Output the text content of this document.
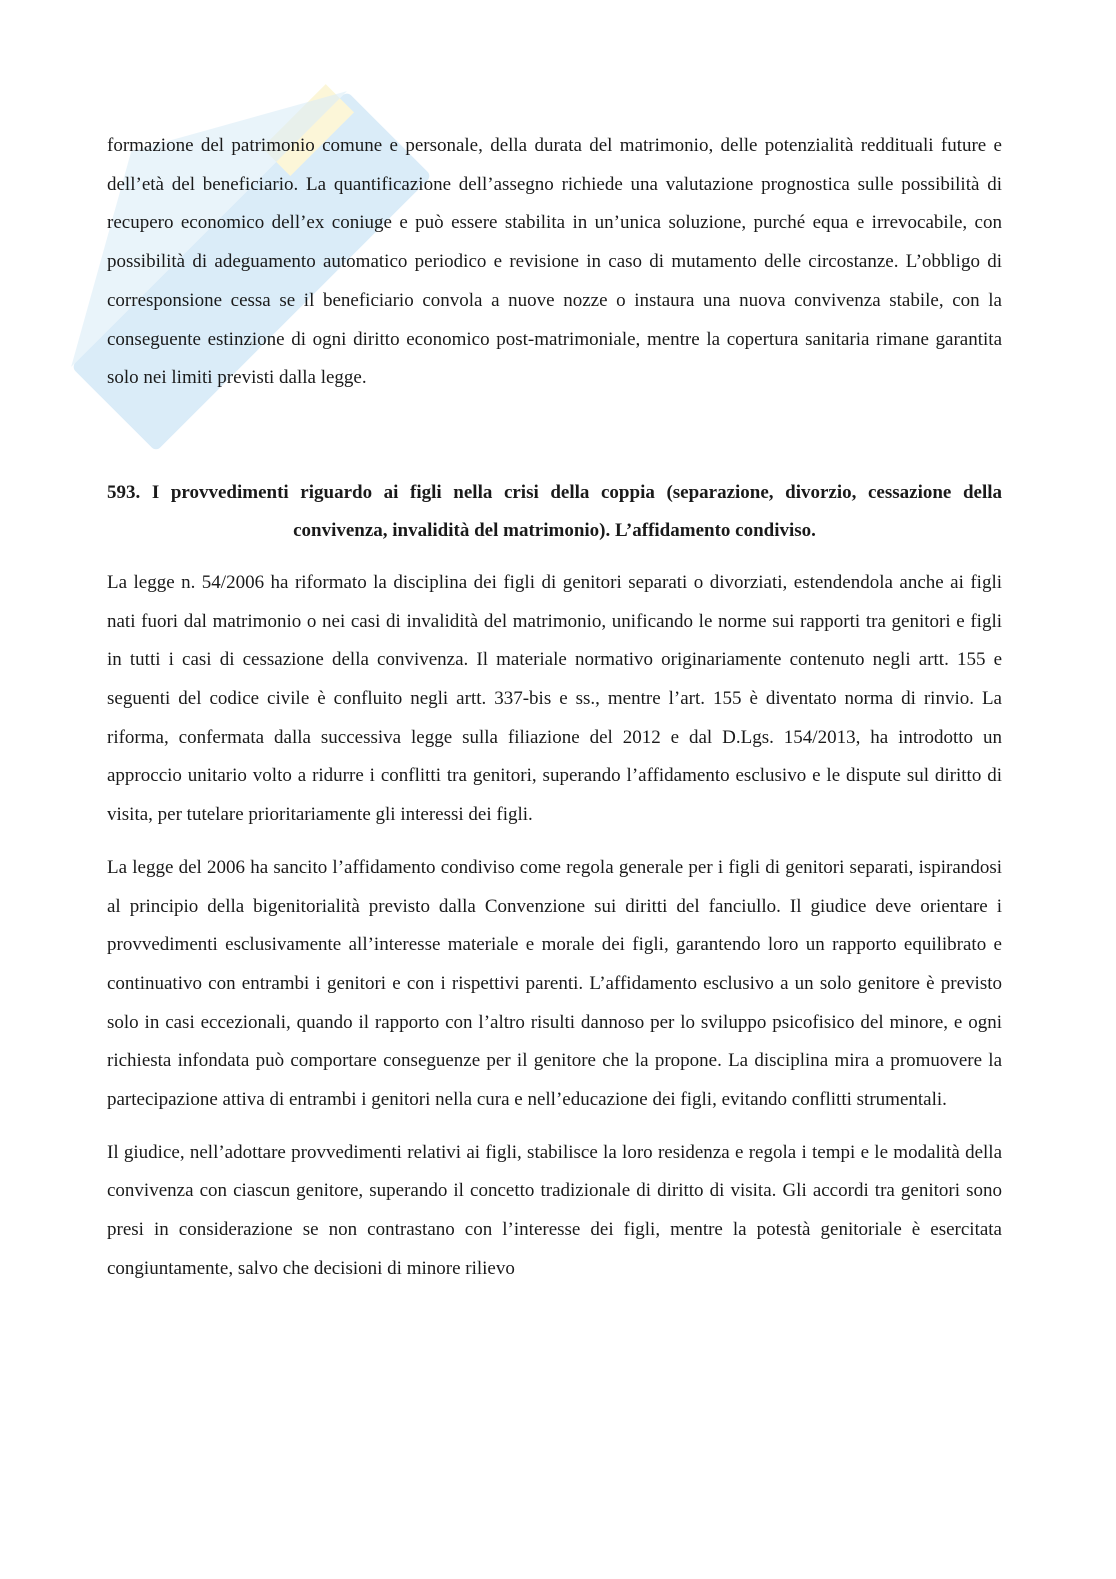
formazione del patrimonio comune e personale, della durata del matrimonio, delle potenzialità reddituali future e dell’età del beneficiario. La quantificazione dell’assegno richiede una valutazione prognostica sulle possibilità di recupero economico dell’ex coniuge e può essere stabilita in un’unica soluzione, purché equa e irrevocabile, con possibilità di adeguamento automatico periodico e revisione in caso di mutamento delle circostanze. L’obbligo di corresponsione cessa se il beneficiario convola a nuove nozze o instaura una nuova convivenza stabile, con la conseguente estinzione di ogni diritto economico post-matrimoniale, mentre la copertura sanitaria rimane garantita solo nei limiti previsti dalla legge.

593. I provvedimenti riguardo ai figli nella crisi della coppia (separazione, divorzio, cessazione della convivenza, invalidità del matrimonio). L’affidamento condiviso.

La legge n. 54/2006 ha riformato la disciplina dei figli di genitori separati o divorziati, estendendola anche ai figli nati fuori dal matrimonio o nei casi di invalidità del matrimonio, unificando le norme sui rapporti tra genitori e figli in tutti i casi di cessazione della convivenza. Il materiale normativo originariamente contenuto negli artt. 155 e seguenti del codice civile è confluito negli artt. 337-bis e ss., mentre l’art. 155 è diventato norma di rinvio. La riforma, confermata dalla successiva legge sulla filiazione del 2012 e dal D.Lgs. 154/2013, ha introdotto un approccio unitario volto a ridurre i conflitti tra genitori, superando l’affidamento esclusivo e le dispute sul diritto di visita, per tutelare prioritariamente gli interessi dei figli.

La legge del 2006 ha sancito l’affidamento condiviso come regola generale per i figli di genitori separati, ispirandosi al principio della bigenitorialità previsto dalla Convenzione sui diritti del fanciullo. Il giudice deve orientare i provvedimenti esclusivamente all’interesse materiale e morale dei figli, garantendo loro un rapporto equilibrato e continuativo con entrambi i genitori e con i rispettivi parenti. L’affidamento esclusivo a un solo genitore è previsto solo in casi eccezionali, quando il rapporto con l’altro risulti dannoso per lo sviluppo psicofisico del minore, e ogni richiesta infondata può comportare conseguenze per il genitore che la propone. La disciplina mira a promuovere la partecipazione attiva di entrambi i genitori nella cura e nell’educazione dei figli, evitando conflitti strumentali.

Il giudice, nell’adottare provvedimenti relativi ai figli, stabilisce la loro residenza e regola i tempi e le modalità della convivenza con ciascun genitore, superando il concetto tradizionale di diritto di visita. Gli accordi tra genitori sono presi in considerazione se non contrastano con l’interesse dei figli, mentre la potestà genitoriale è esercitata congiuntamente, salvo che decisioni di minore rilievo
